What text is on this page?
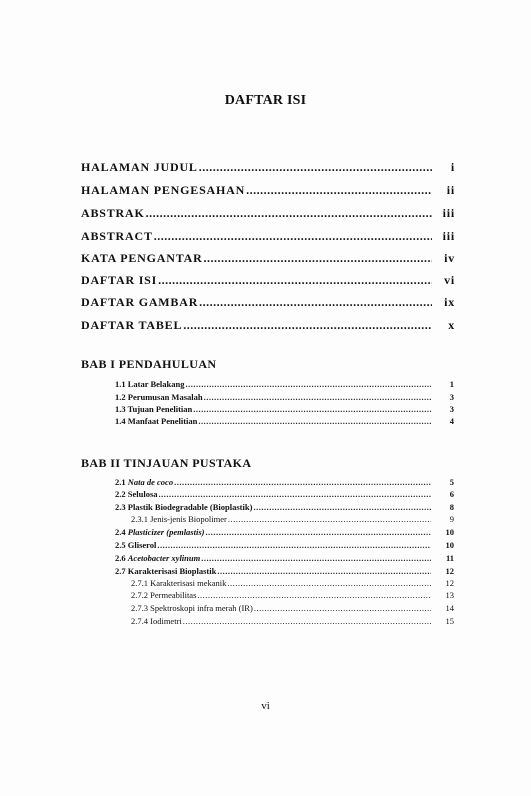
DAFTAR ISI
HALAMAN JUDUL .....	i
HALAMAN PENGESAHAN .....	ii
ABSTRAK .....	iii
ABSTRACT .....	iii
KATA PENGANTAR .....	iv
DAFTAR ISI .....	vi
DAFTAR GAMBAR .....	ix
DAFTAR TABEL .....	x
BAB I PENDAHULUAN
1.1 Latar Belakang .....	1
1.2 Perumusan Masalah .....	3
1.3 Tujuan Penelitian .....	3
1.4 Manfaat Penelitian .....	4
BAB II TINJAUAN PUSTAKA
2.1 Nata de coco .....	5
2.2 Selulosa .....	6
2.3 Plastik Biodegradable (Bioplastik) .....	8
2.3.1 Jenis-jenis Biopolimer .....	9
2.4 Plasticizer (pemlastis) .....	10
2.5 Gliserol .....	10
2.6 Acetobacter xylinum .....	11
2.7 Karakterisasi Bioplastik .....	12
2.7.1 Karakterisasi mekanik .....	12
2.7.2 Permeabilitas .....	13
2.7.3 Spektroskopi infra merah (IR) .....	14
2.7.4 Iodimetri .....	15
vi
